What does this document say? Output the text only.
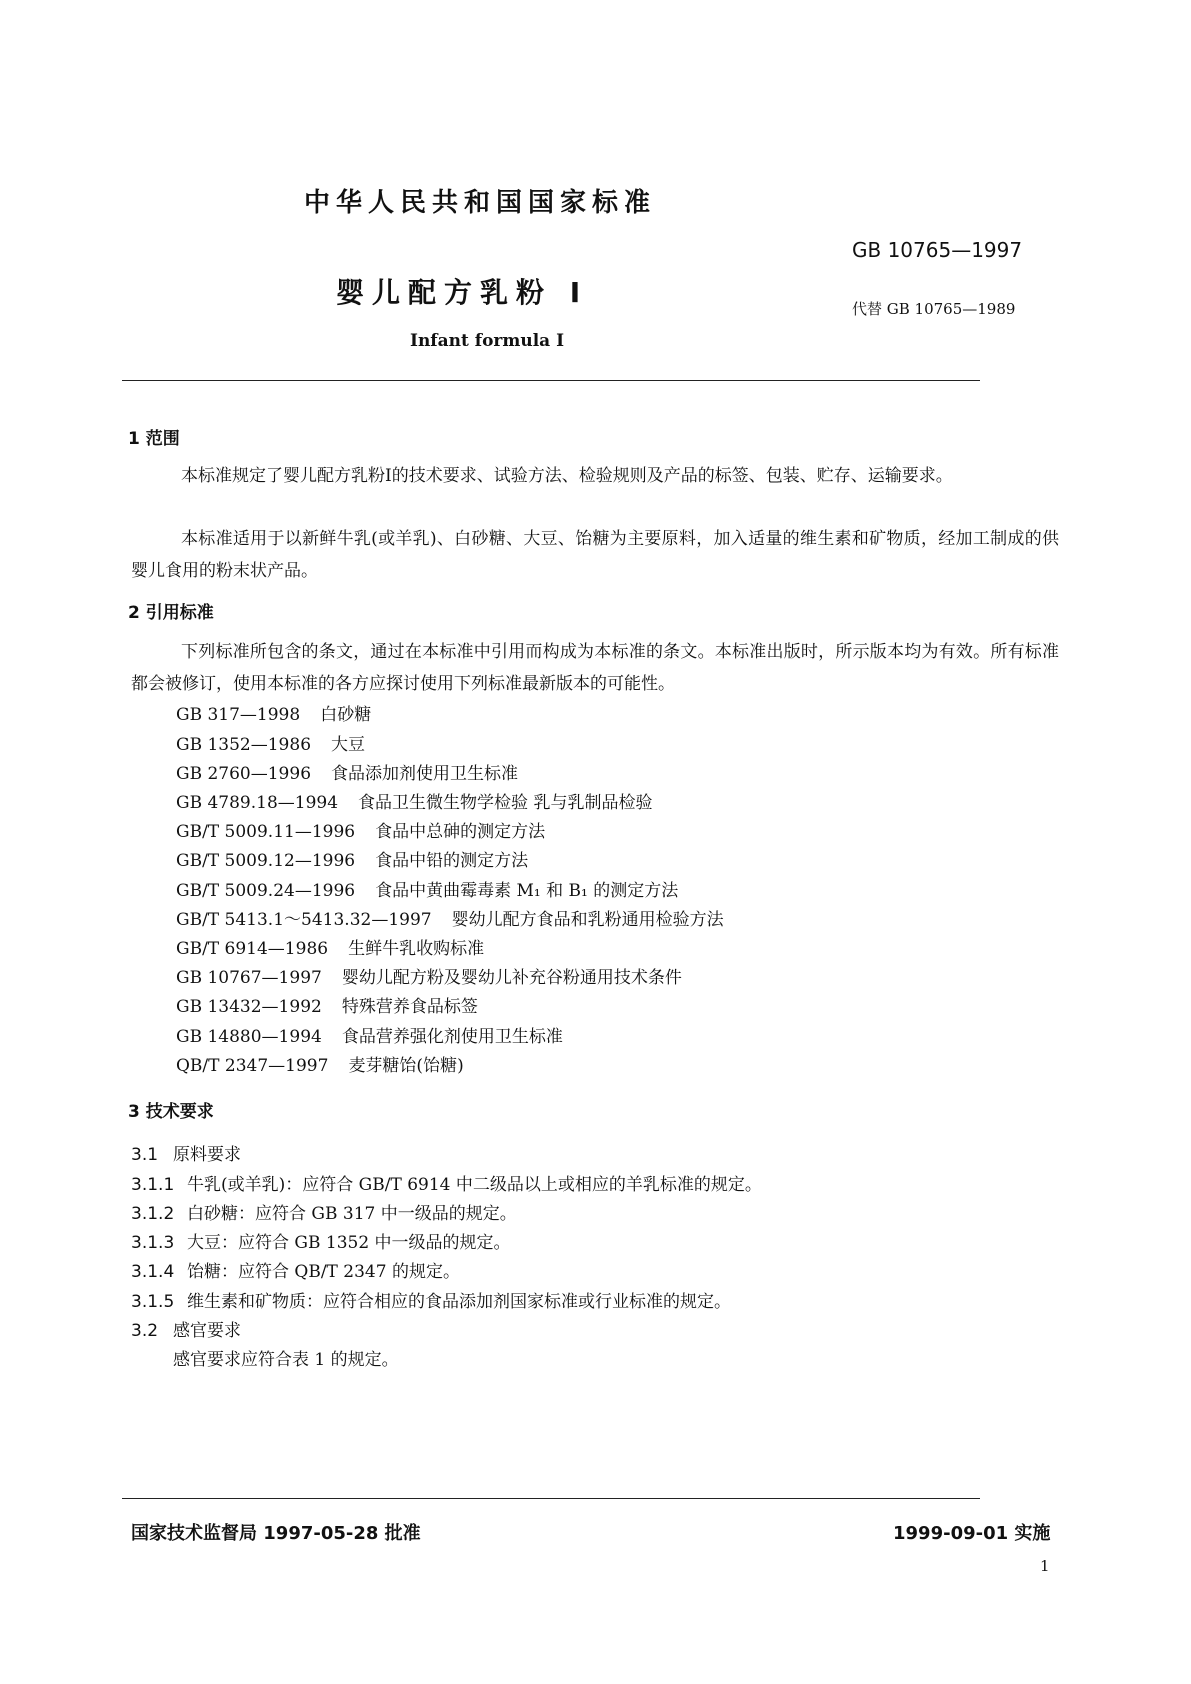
中华人民共和国国家标准
GB 10765—1997
婴儿配方乳粉 I	代替 GB 10765—1989
Infant formula Ⅰ
1 范围
本标准规定了婴儿配方乳粉Ⅰ的技术要求、试验方法、检验规则及产品的标签、包装、贮存、运输要求。
本标准适用于以新鲜牛乳(或羊乳)、白砂糖、大豆、饴糖为主要原料，加入适量的维生素和矿物质，经加工制成的供婴儿食用的粉末状产品。
2 引用标准
下列标准所包含的条文，通过在本标准中引用而构成为本标准的条文。本标准出版时，所示版本均为有效。所有标准都会被修订，使用本标准的各方应探讨使用下列标准最新版本的可能性。
GB 317—1998 白砂糖
GB 1352—1986 大豆
GB 2760—1996 食品添加剂使用卫生标准
GB 4789.18—1994 食品卫生微生物学检验 乳与乳制品检验
GB/T 5009.11—1996 食品中总砷的测定方法
GB/T 5009.12—1996 食品中铅的测定方法
GB/T 5009.24—1996 食品中黄曲霉毒素 M₁ 和 B₁ 的测定方法
GB/T 5413.1～5413.32—1997 婴幼儿配方食品和乳粉通用检验方法
GB/T 6914—1986 生鲜牛乳收购标准
GB 10767—1997 婴幼儿配方粉及婴幼儿补充谷粉通用技术条件
GB 13432—1992 特殊营养食品标签
GB 14880—1994 食品营养强化剂使用卫生标准
QB/T 2347—1997 麦芽糖饴(饴糖)
3 技术要求
3.1 原料要求
3.1.1 牛乳(或羊乳)：应符合 GB/T 6914 中二级品以上或相应的羊乳标准的规定。
3.1.2 白砂糖：应符合 GB 317 中一级品的规定。
3.1.3 大豆：应符合 GB 1352 中一级品的规定。
3.1.4 饴糖：应符合 QB/T 2347 的规定。
3.1.5 维生素和矿物质：应符合相应的食品添加剂国家标准或行业标准的规定。
3.2 感官要求
感官要求应符合表 1 的规定。
国家技术监督局 1997-05-28 批准	1999-09-01 实施
1
